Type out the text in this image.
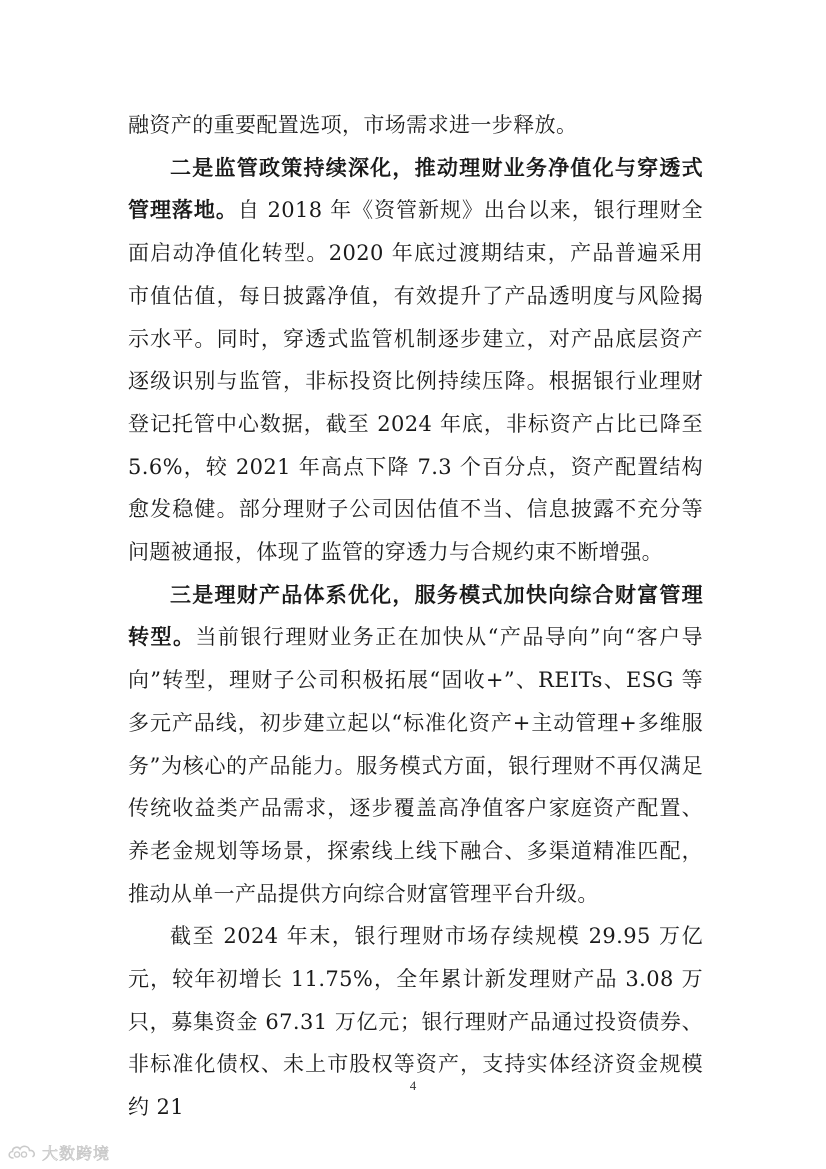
融资产的重要配置选项，市场需求进一步释放。

二是监管政策持续深化，推动理财业务净值化与穿透式管理落地。自 2018 年《资管新规》出台以来，银行理财全面启动净值化转型。2020 年底过渡期结束，产品普遍采用市值估值，每日披露净值，有效提升了产品透明度与风险揭示水平。同时，穿透式监管机制逐步建立，对产品底层资产逐级识别与监管，非标投资比例持续压降。根据银行业理财登记托管中心数据，截至 2024 年底，非标资产占比已降至 5.6%，较 2021 年高点下降 7.3 个百分点，资产配置结构愈发稳健。部分理财子公司因估值不当、信息披露不充分等问题被通报，体现了监管的穿透力与合规约束不断增强。

三是理财产品体系优化，服务模式加快向综合财富管理转型。当前银行理财业务正在加快从“产品导向”向“客户导向”转型，理财子公司积极拓展“固收+”、REITs、ESG 等多元产品线，初步建立起以“标准化资产+主动管理+多维服务”为核心的产品能力。服务模式方面，银行理财不再仅满足传统收益类产品需求，逐步覆盖高净值客户家庭资产配置、养老金规划等场景，探索线上线下融合、多渠道精准匹配，推动从单一产品提供方向综合财富管理平台升级。

截至 2024 年末，银行理财市场存续规模 29.95 万亿元，较年初增长 11.75%，全年累计新发理财产品 3.08 万只，募集资金 67.31 万亿元；银行理财产品通过投资债券、非标准化债权、未上市股权等资产，支持实体经济资金规模约 21

4
大数跨境
